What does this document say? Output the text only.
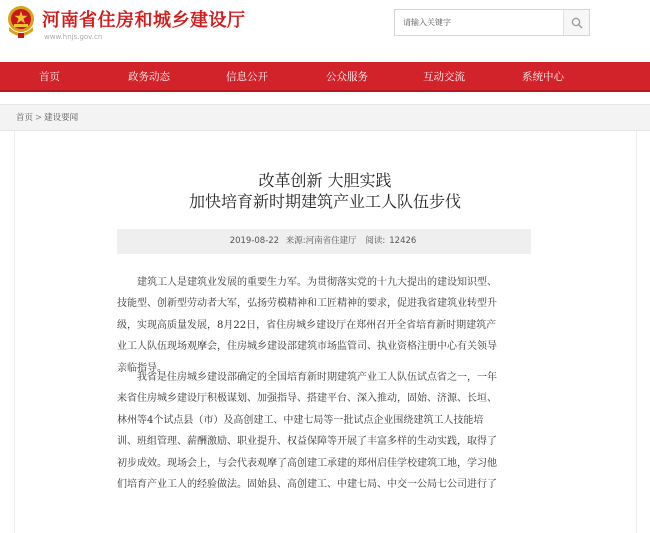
河南省住房和城乡建设厅
www.hnjs.gov.cn
请输入关键字
首页	政务动态	信息公开	公众服务	互动交流	系统中心
首页 > 建设要闻
改革创新 大胆实践
加快培育新时期建筑产业工人队伍步伐
2019-08-22 来源:河南省住建厅 阅读: 12426
建筑工人是建筑业发展的重要生力军。为贯彻落实党的十九大提出的建设知识型、
技能型、创新型劳动者大军，弘扬劳模精神和工匠精神的要求，促进我省建筑业转型升
级，实现高质量发展，8月22日，省住房城乡建设厅在郑州召开全省培育新时期建筑产
业工人队伍现场观摩会，住房城乡建设部建筑市场监管司、执业资格注册中心有关领导
亲临指导。
我省是住房城乡建设部确定的全国培育新时期建筑产业工人队伍试点省之一，一年
来省住房城乡建设厅积极谋划、加强指导、搭建平台、深入推动，固始、济源、长垣、
林州等4个试点县（市）及高创建工、中建七局等一批试点企业围绕建筑工人技能培
训、班组管理、薪酬激励、职业提升、权益保障等开展了丰富多样的生动实践，取得了
初步成效。现场会上，与会代表观摩了高创建工承建的郑州启佳学校建筑工地，学习他
们培育产业工人的经验做法。固始县、高创建工、中建七局、中交一公局七公司进行了
